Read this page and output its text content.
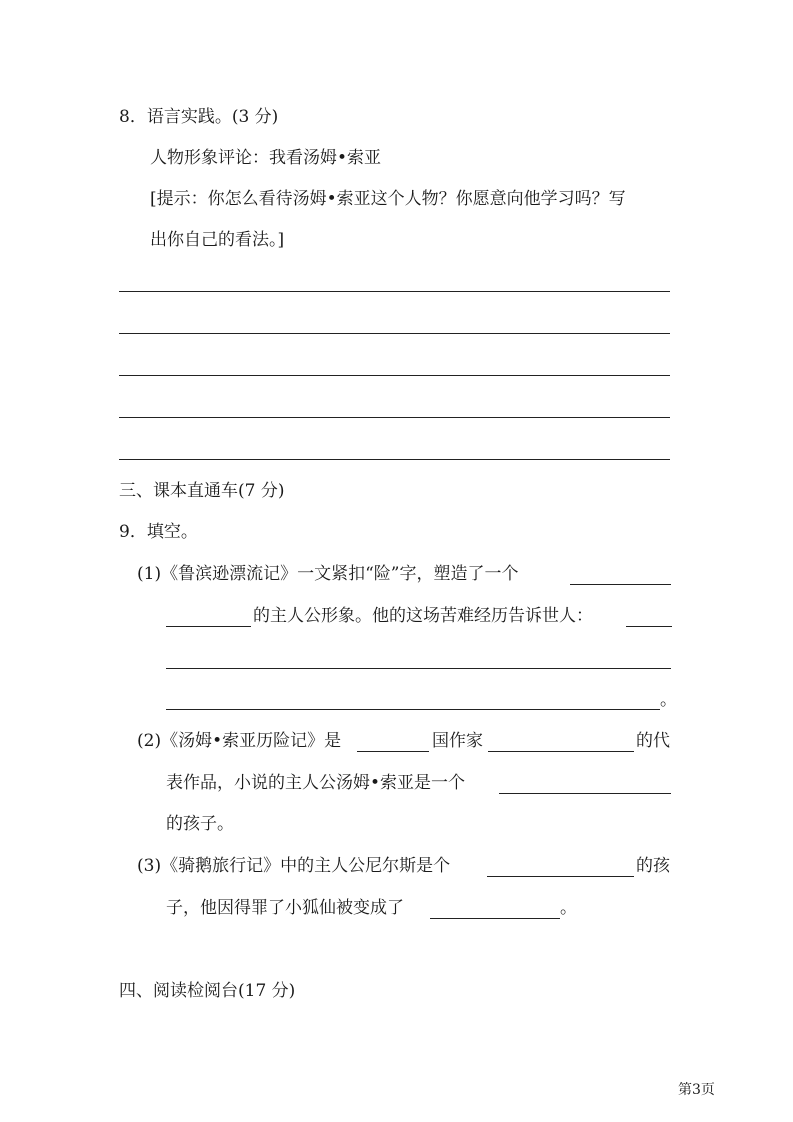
8．语言实践。(3 分)
人物形象评论：我看汤姆•索亚
[提示：你怎么看待汤姆•索亚这个人物？你愿意向他学习吗？写
出你自己的看法。]
三、课本直通车(7 分)
9．填空。
(1)《鲁滨逊漂流记》一文紧扣“险”字，塑造了一个
的主人公形象。他的这场苦难经历告诉世人：
。
(2)《汤姆•索亚历险记》是	国作家	的代
表作品，小说的主人公汤姆•索亚是一个
的孩子。
(3)《骑鹅旅行记》中的主人公尼尔斯是个	的孩
子，他因得罪了小狐仙被变成了	。
四、阅读检阅台(17 分)
第3页
